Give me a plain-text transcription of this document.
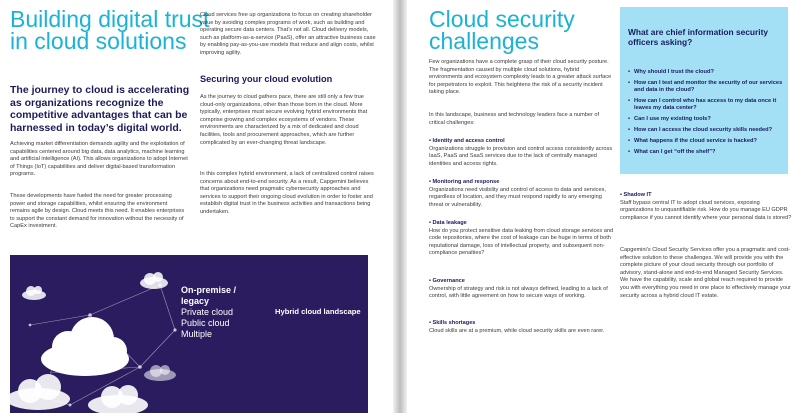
Building digital trust in cloud solutions

The journey to cloud is accelerating as organizations recognize the competitive advantages that can be harnessed in today’s digital world.

Achieving market differentiation demands agility and the exploitation of capabilities centered around big data, data analytics, machine learning and artificial intelligence (AI). This allows organizations to adopt Internet of Things (IoT) capabilities and deliver digital-based transformation programs.

These developments have fueled the need for greater processing power and storage capabilities, whilst ensuring the environment remains agile by design. Cloud meets this need. It enables enterprises to support the constant demand for innovation without the necessity of CapEx investment.

Cloud services free up organizations to focus on creating shareholder value by avoiding complex programs of work, such as building and operating secure data centers. That’s not all. Cloud delivery models, such as platform-as-a-service (PaaS), offer an attractive business case by enabling pay-as-you-use models that reduce and align costs, whilst improving agility.

Securing your cloud evolution

As the journey to cloud gathers pace, there are still only a few true cloud-only organizations, other than those born in the cloud. More typically, enterprises must secure evolving hybrid environments that comprise growing and complex ecosystems of vendors. These environments are characterized by a mix of dedicated and cloud facilities, tools and procurement approaches, which are further complicated by an ever-changing threat landscape.

In this complex hybrid environment, a lack of centralized control raises concerns about end-to-end security. As a result, Capgemini believes that organizations need pragmatic cybersecurity approaches and services to support their ongoing cloud evolution in order to foster and establish digital trust in the business activities and transactions being undertaken.

On-premise / legacy
Private cloud
Public cloud
Multiple
Hybrid cloud landscape
Cloud security challenges

Few organizations have a complete grasp of their cloud security posture. The fragmentation caused by multiple cloud solutions, hybrid environments and ecosystem complexity leads to a greater attack surface for perpetrators to exploit. This heightens the risk of a security incident taking place.

In this landscape, business and technology leaders face a number of critical challenges:

• Identity and access control

Organizations struggle to provision and control access consistently across IaaS, PaaS and SaaS services due to the lack of centrally managed identities and access rights.

• Monitoring and response

Organizations need visibility and control of access to data and services, regardless of location, and they must respond rapidly to any emerging threat or vulnerability.

• Data leakage

How do you protect sensitive data leaking from cloud storage services and code repositories, where the cost of leakage can be huge in terms of both reputational damage, loss of intellectual property, and subsequent non-compliance penalties?

• Governance

Ownership of strategy and risk is not always defined, leading to a lack of control, with little agreement on how to secure ways of working.

• Skills shortages

Cloud skills are at a premium, while cloud security skills are even rarer.

What are chief information security officers asking?

• Why should I trust the cloud?
• How can I test and monitor the security of our services and data in the cloud?
• How can I control who has access to my data once it leaves my data center?
• Can I use my existing tools?
• How can I access the cloud security skills needed?
• What happens if the cloud service is hacked?
• What can I get “off the shelf”?

• Shadow IT

Staff bypass central IT to adopt cloud services, exposing organizations to unquantifiable risk. How do you manage EU GDPR compliance if you cannot identify where your personal data is stored?

Capgemini’s Cloud Security Services offer you a pragmatic and cost-effective solution to these challenges. We will provide you with the complete picture of your cloud security through our portfolio of advisory, stand-alone and end-to-end Managed Security Services. We have the capability, scale and global reach required to provide you with everything you need in one place to effectively manage your security across a hybrid cloud IT estate.
